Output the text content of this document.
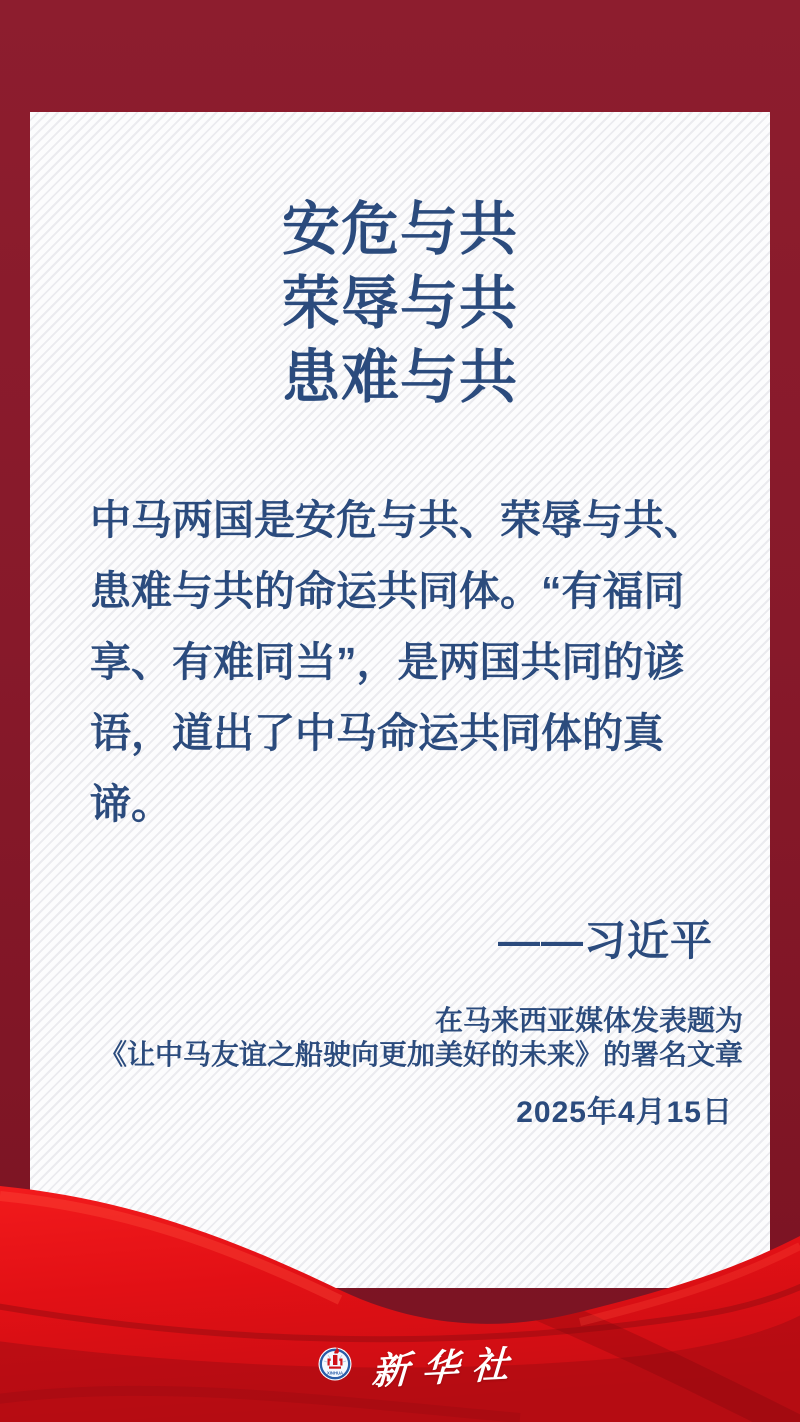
安危与共
荣辱与共
患难与共
中马两国是安危与共、荣辱与共、
患难与共的命运共同体。“有福同
享、有难同当”，是两国共同的谚
语，道出了中马命运共同体的真
谛。
——习近平
在马来西亚媒体发表题为
《让中马友谊之船驶向更加美好的未来》的署名文章
2025年4月15日
XINHUA 新华社
